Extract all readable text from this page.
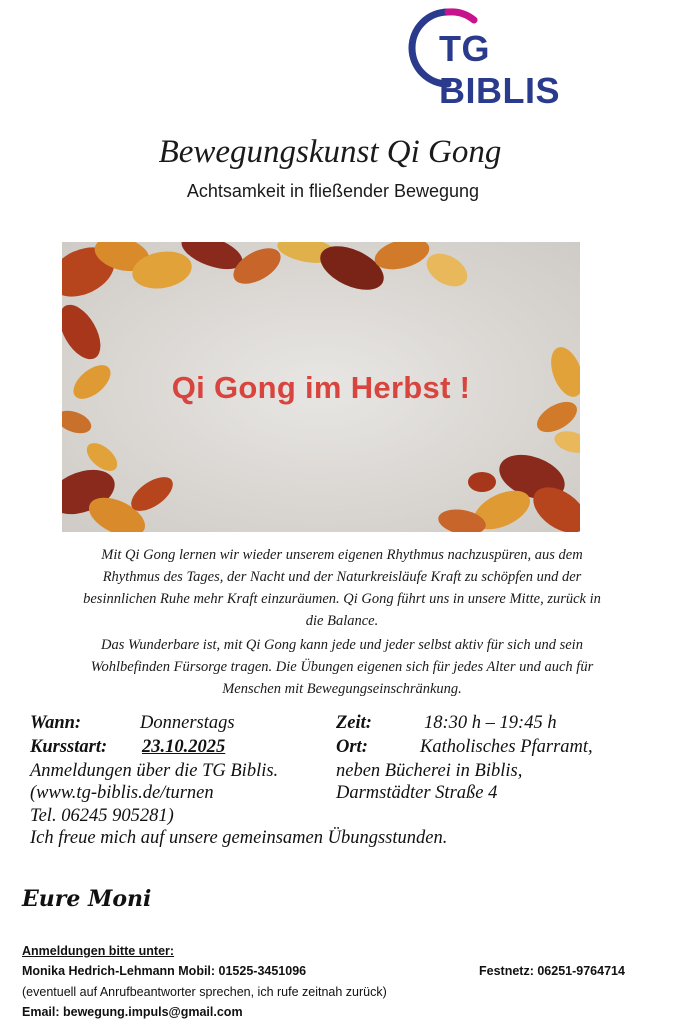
TG BIBLIS
Bewegungskunst Qi Gong
Achtsamkeit in fließender Bewegung
Qi Gong im Herbst !
Mit Qi Gong lernen wir wieder unserem eigenen Rhythmus nachzuspüren, aus dem
Rhythmus des Tages, der Nacht und der Naturkreisläufe Kraft zu schöpfen und der
besinnlichen Ruhe mehr Kraft einzuräumen. Qi Gong führt uns in unsere Mitte, zurück in
die Balance.
Das Wunderbare ist, mit Qi Gong kann jede und jeder selbst aktiv für sich und sein
Wohlbefinden Fürsorge tragen. Die Übungen eigenen sich für jedes Alter und auch für
Menschen mit Bewegungseinschränkung.
Wann:	Donnerstags	Zeit:	18:30 h – 19:45 h
Kursstart: 23.10.2025	Ort:	Katholisches Pfarramt,
Anmeldungen über die TG Biblis.	neben Bücherei in Biblis,
(www.tg-biblis.de/turnen	Darmstädter Straße 4
Tel. 06245 905281)
Ich freue mich auf unsere gemeinsamen Übungsstunden.
Eure Moni
Anmeldungen bitte unter:
Monika Hedrich-Lehmann Mobil: 01525-3451096	Festnetz: 06251-9764714
(eventuell auf Anrufbeantworter sprechen, ich rufe zeitnah zurück)
Email: bewegung.impuls@gmail.com
